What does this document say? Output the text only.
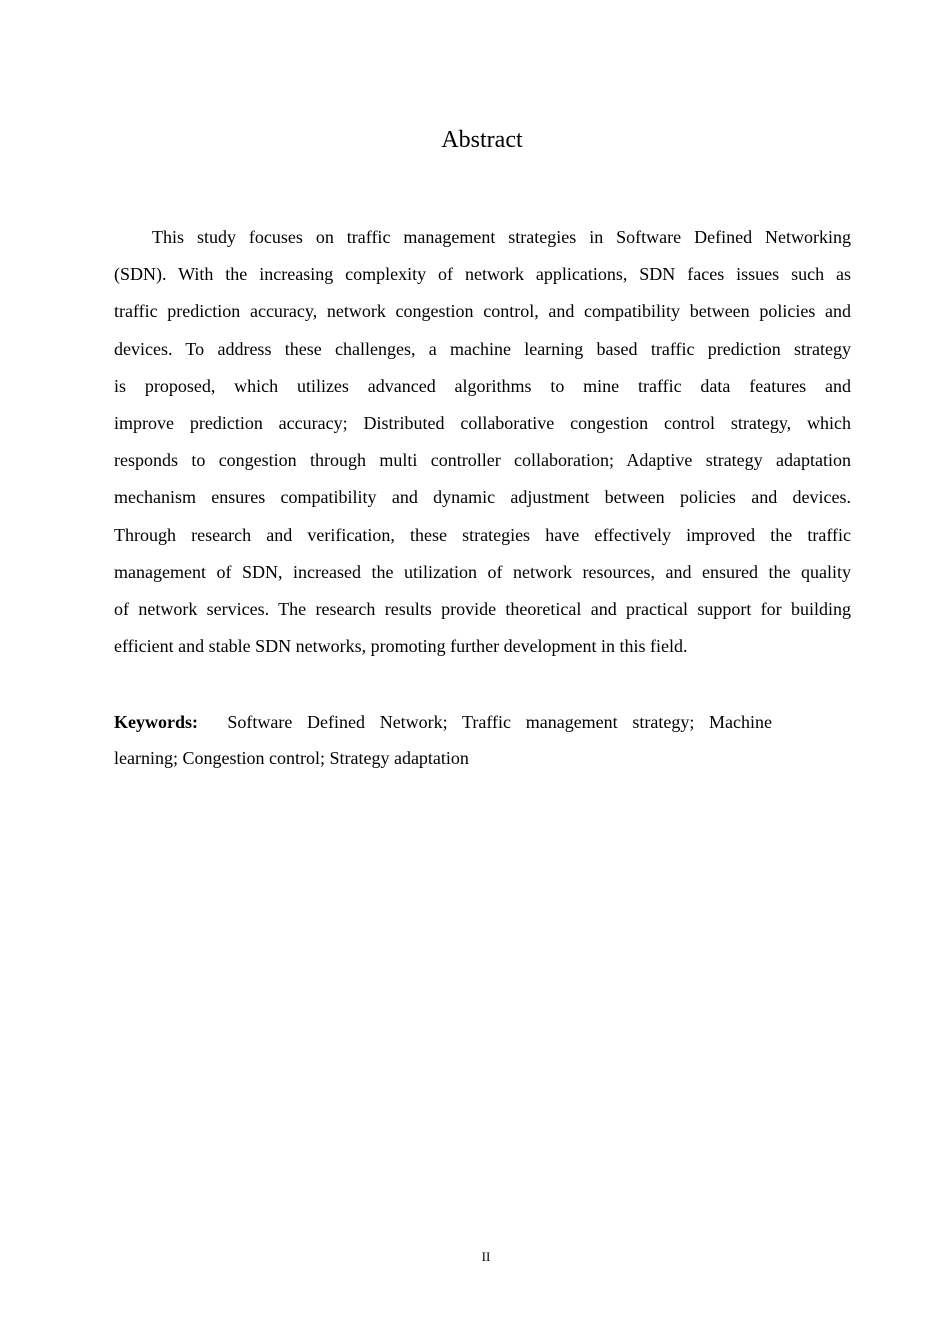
Abstract
This study focuses on traffic management strategies in Software Defined Networking
(SDN). With the increasing complexity of network applications, SDN faces issues such as
traffic prediction accuracy, network congestion control, and compatibility between policies and
devices. To address these challenges, a machine learning based traffic prediction strategy
is proposed, which utilizes advanced algorithms to mine traffic data features and
improve prediction accuracy; Distributed collaborative congestion control strategy, which
responds to congestion through multi controller collaboration; Adaptive strategy adaptation
mechanism ensures compatibility and dynamic adjustment between policies and devices.
Through research and verification, these strategies have effectively improved the traffic
management of SDN, increased the utilization of network resources, and ensured the quality
of network services. The research results provide theoretical and practical support for building
efficient and stable SDN networks, promoting further development in this field.
Keywords: Software Defined Network; Traffic management strategy; Machine
learning; Congestion control; Strategy adaptation
II
